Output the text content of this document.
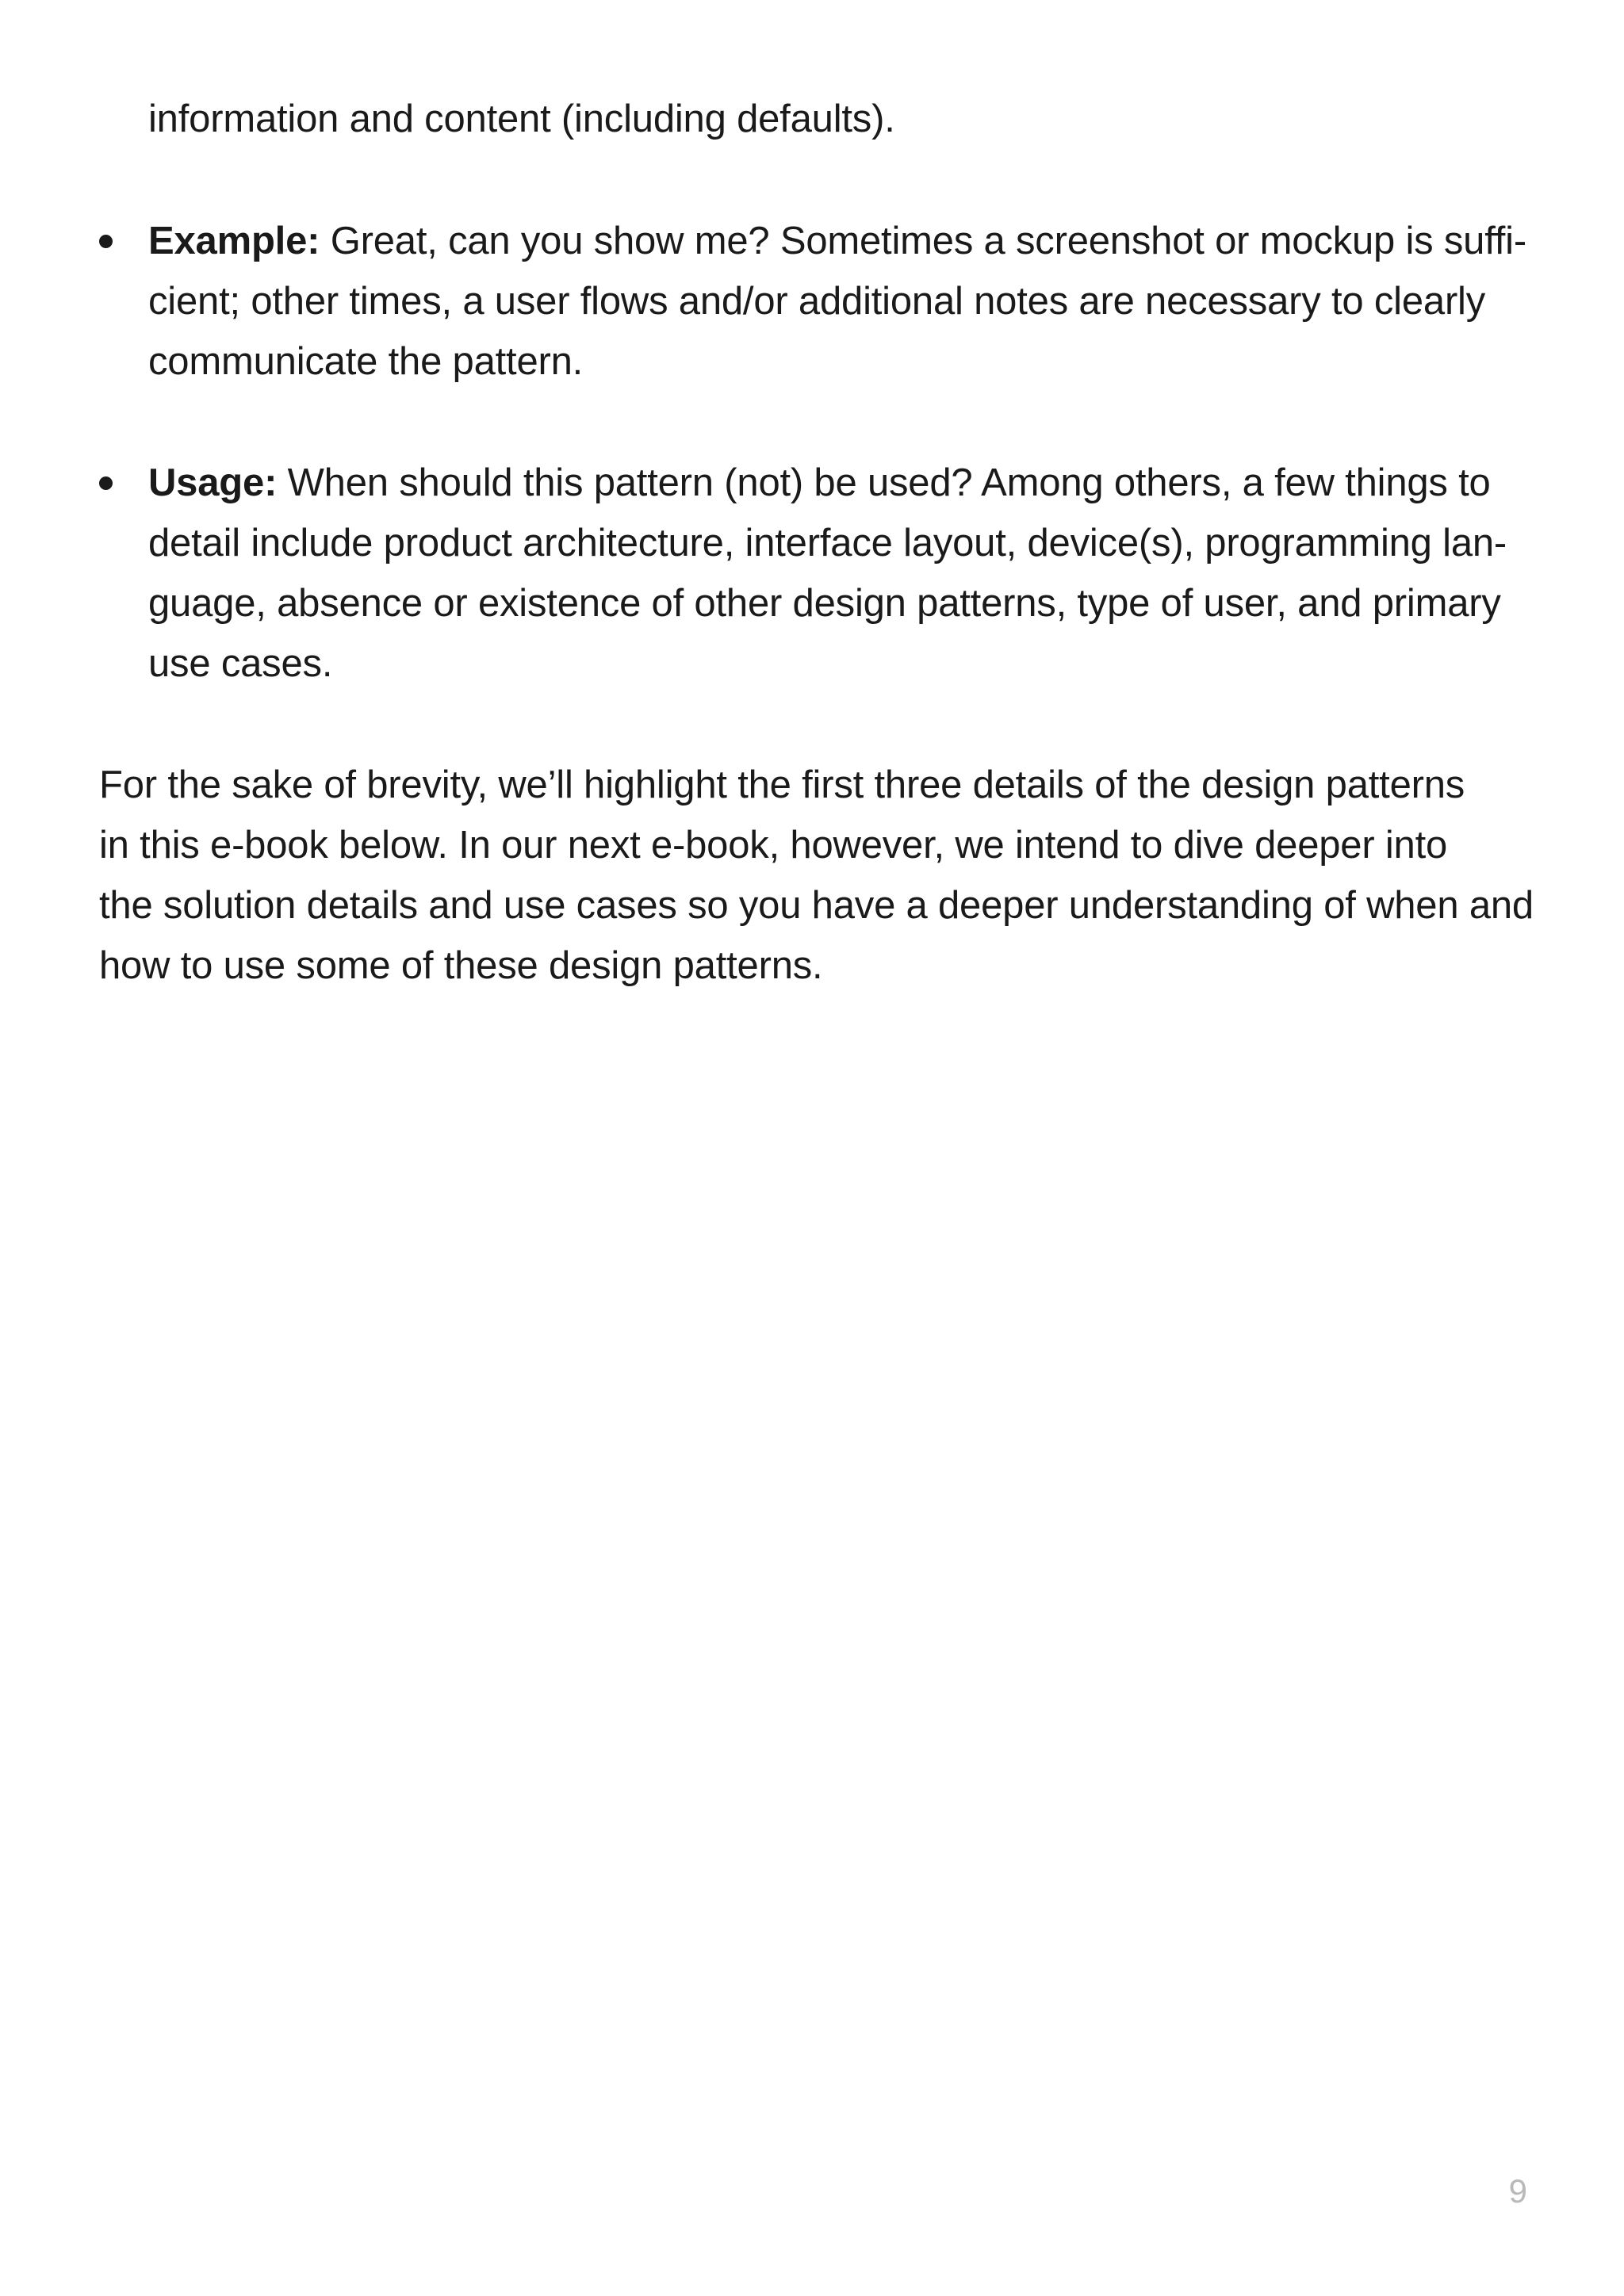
information and content (including defaults).
Example: Great, can you show me? Sometimes a screenshot or mockup is suffi-
cient; other times, a user flows and/or additional notes are necessary to clearly
communicate the pattern.
Usage: When should this pattern (not) be used? Among others, a few things to
detail include product architecture, interface layout, device(s), programming lan-
guage, absence or existence of other design patterns, type of user, and primary
use cases.
For the sake of brevity, we’ll highlight the first three details of the design patterns
in this e-book below. In our next e-book, however, we intend to dive deeper into
the solution details and use cases so you have a deeper understanding of when and
how to use some of these design patterns.
9
